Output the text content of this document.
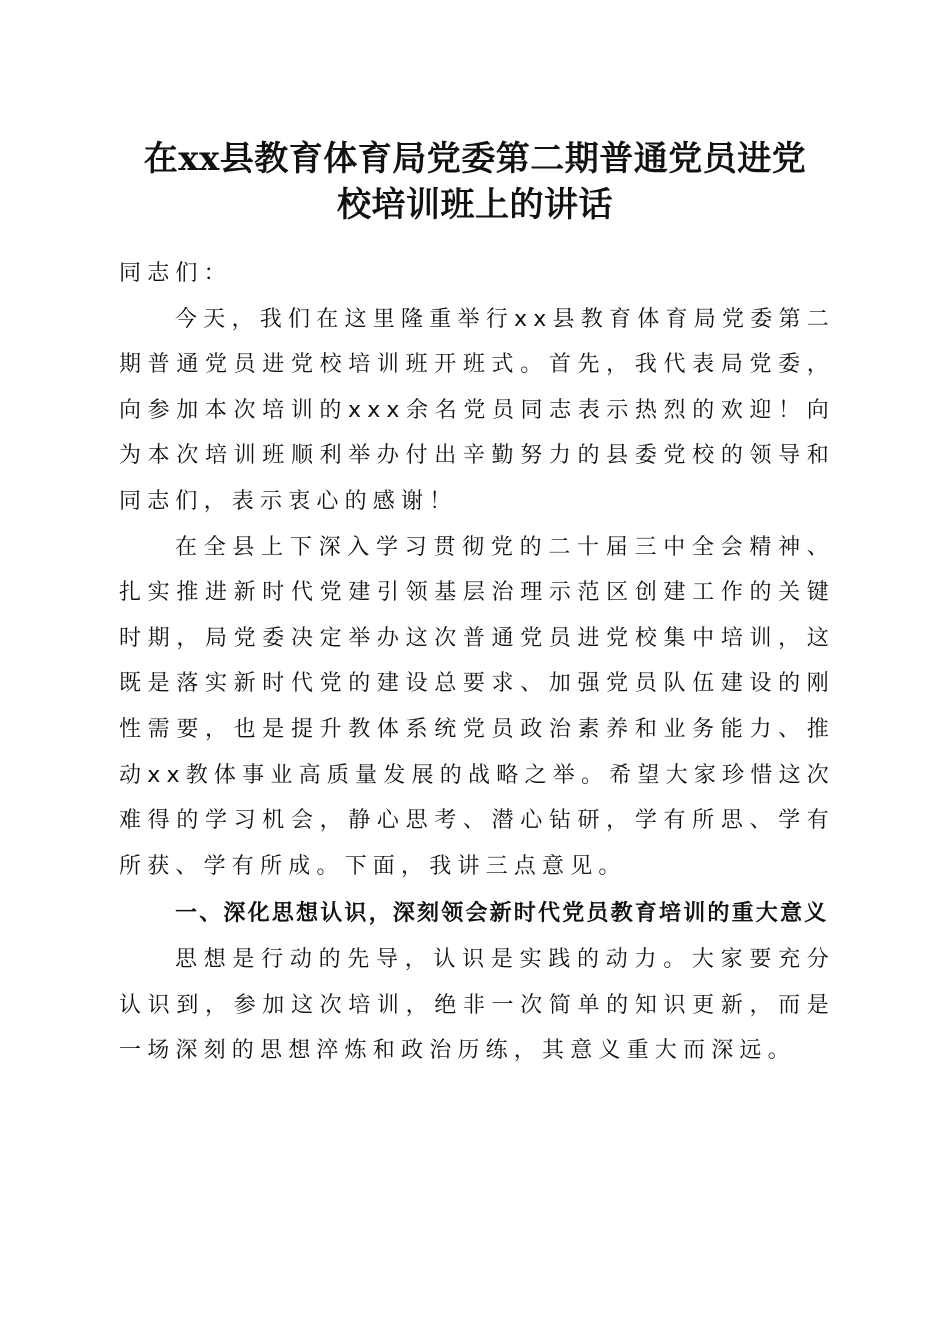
在xx县教育体育局党委第二期普通党员进党
校培训班上的讲话

同志们：

今天，我们在这里隆重举行xx县教育体育局党委第二期普通党员进党校培训班开班式。首先，我代表局党委，向参加本次培训的xxx余名党员同志表示热烈的欢迎！向为本次培训班顺利举办付出辛勤努力的县委党校的领导和同志们，表示衷心的感谢！

在全县上下深入学习贯彻党的二十届三中全会精神、扎实推进新时代党建引领基层治理示范区创建工作的关键时期，局党委决定举办这次普通党员进党校集中培训，这既是落实新时代党的建设总要求、加强党员队伍建设的刚性需要，也是提升教体系统党员政治素养和业务能力、推动xx教体事业高质量发展的战略之举。希望大家珍惜这次难得的学习机会，静心思考、潜心钻研，学有所思、学有所获、学有所成。下面，我讲三点意见。

一、深化思想认识，深刻领会新时代党员教育培训的重大意义

思想是行动的先导，认识是实践的动力。大家要充分认识到，参加这次培训，绝非一次简单的知识更新，而是一场深刻的思想淬炼和政治历练，其意义重大而深远。
